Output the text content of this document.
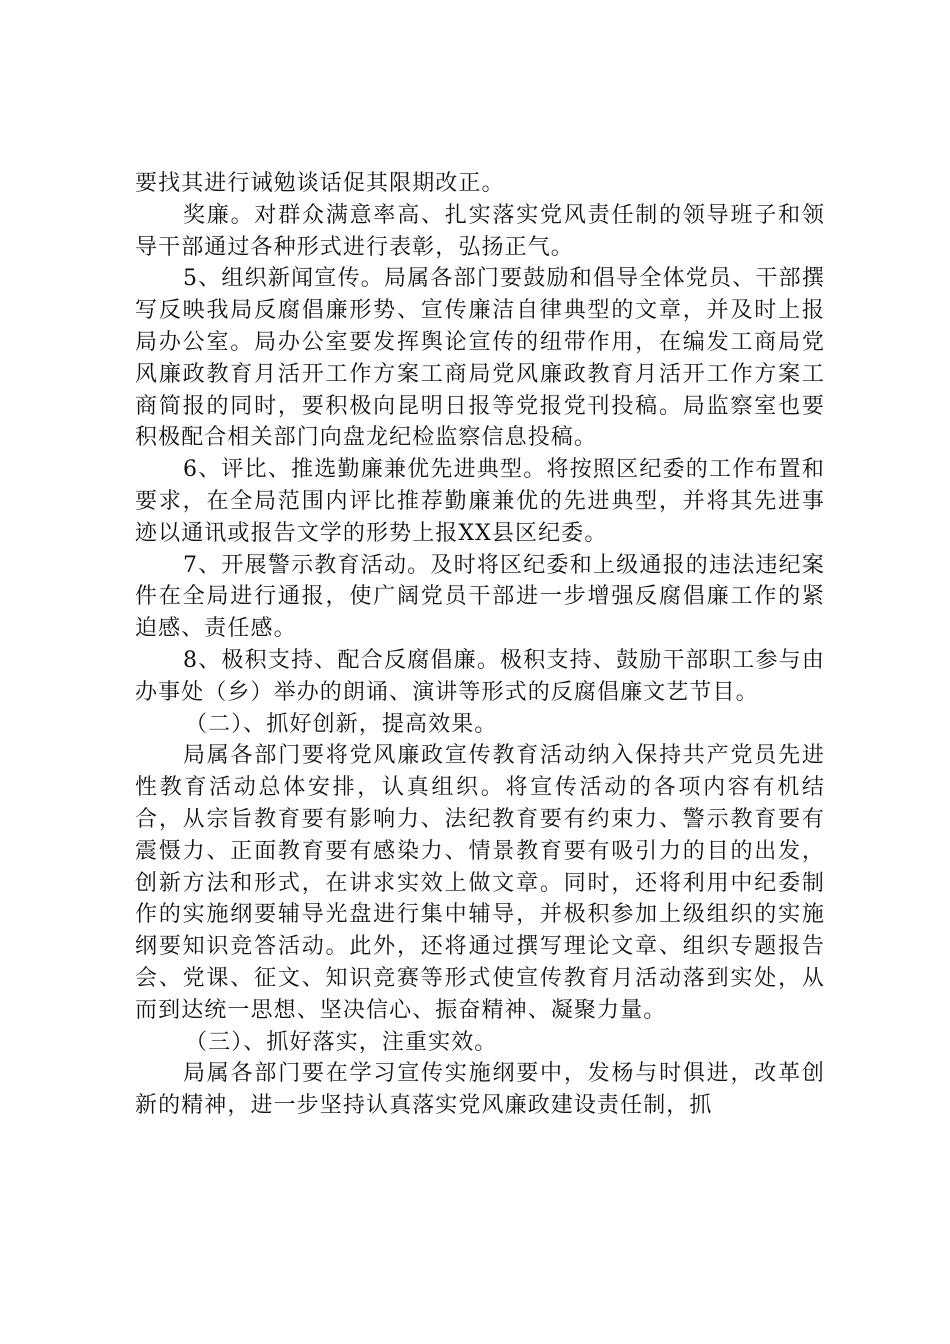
要找其进行诫勉谈话促其限期改正。

奖廉。对群众满意率高、扎实落实党风责任制的领导班子和领导干部通过各种形式进行表彰，弘扬正气。

5、组织新闻宣传。局属各部门要鼓励和倡导全体党员、干部撰写反映我局反腐倡廉形势、宣传廉洁自律典型的文章，并及时上报局办公室。局办公室要发挥舆论宣传的纽带作用，在编发工商局党风廉政教育月活开工作方案工商局党风廉政教育月活开工作方案工商简报的同时，要积极向昆明日报等党报党刊投稿。局监察室也要积极配合相关部门向盘龙纪检监察信息投稿。

6、评比、推选勤廉兼优先进典型。将按照区纪委的工作布置和要求，在全局范围内评比推荐勤廉兼优的先进典型，并将其先进事迹以通讯或报告文学的形势上报XX县区纪委。

7、开展警示教育活动。及时将区纪委和上级通报的违法违纪案件在全局进行通报，使广阔党员干部进一步增强反腐倡廉工作的紧迫感、责任感。

8、极积支持、配合反腐倡廉。极积支持、鼓励干部职工参与由办事处（乡）举办的朗诵、演讲等形式的反腐倡廉文艺节目。

（二）、抓好创新，提高效果。

局属各部门要将党风廉政宣传教育活动纳入保持共产党员先进性教育活动总体安排，认真组织。将宣传活动的各项内容有机结合，从宗旨教育要有影响力、法纪教育要有约束力、警示教育要有震慑力、正面教育要有感染力、情景教育要有吸引力的目的出发，创新方法和形式，在讲求实效上做文章。同时，还将利用中纪委制作的实施纲要辅导光盘进行集中辅导，并极积参加上级组织的实施纲要知识竞答活动。此外，还将通过撰写理论文章、组织专题报告会、党课、征文、知识竞赛等形式使宣传教育月活动落到实处，从而到达统一思想、坚决信心、振奋精神、凝聚力量。

（三）、抓好落实，注重实效。

局属各部门要在学习宣传实施纲要中，发杨与时俱进，改革创新的精神，进一步坚持认真落实党风廉政建设责任制，抓
